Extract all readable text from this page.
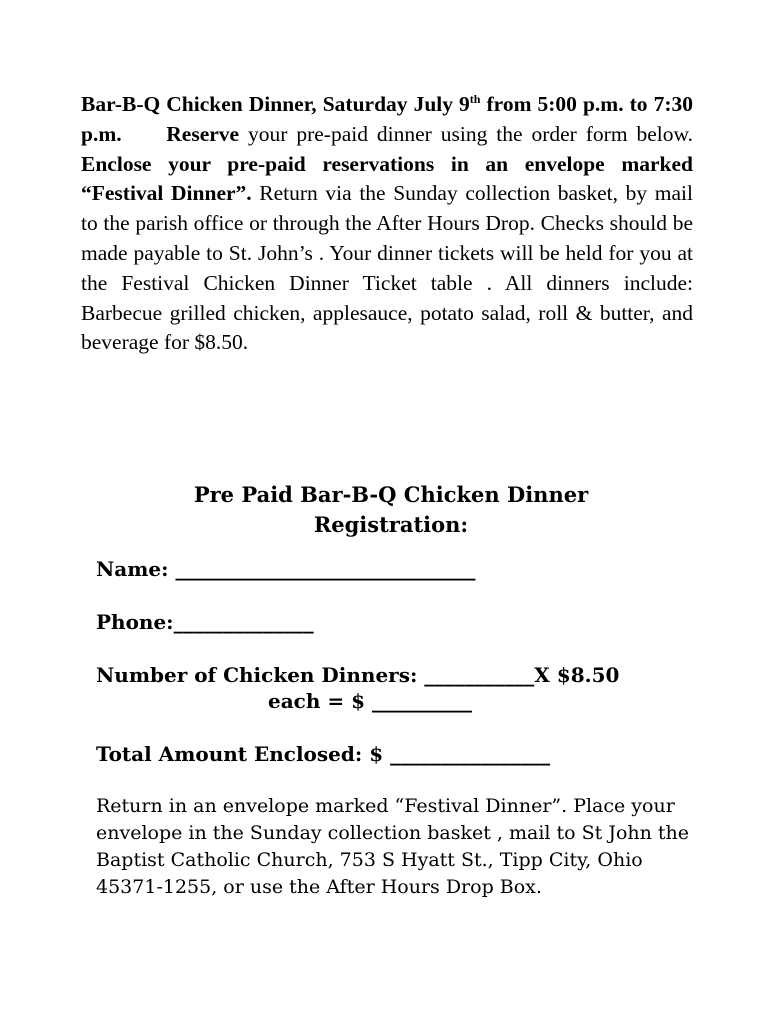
Bar-B-Q Chicken Dinner, Saturday July 9th from 5:00 p.m. to 7:30 p.m. Reserve your pre-paid dinner using the order form below. Enclose your pre-paid reservations in an envelope marked “Festival Dinner”. Return via the Sunday collection basket, by mail to the parish office or through the After Hours Drop. Checks should be made payable to St. John’s . Your dinner tickets will be held for you at the Festival Chicken Dinner Ticket table . All dinners include: Barbecue grilled chicken, applesauce, potato salad, roll & butter, and beverage for $8.50.

Pre Paid Bar-B-Q Chicken Dinner
Registration:

Name: ______________________________

Phone:______________

Number of Chicken Dinners: ___________X $8.50

each = $ __________

Total Amount Enclosed: $ ________________

Return in an envelope marked “Festival Dinner”. Place your envelope in the Sunday collection basket , mail to St John the Baptist Catholic Church, 753 S Hyatt St., Tipp City, Ohio 45371-1255, or use the After Hours Drop Box.
